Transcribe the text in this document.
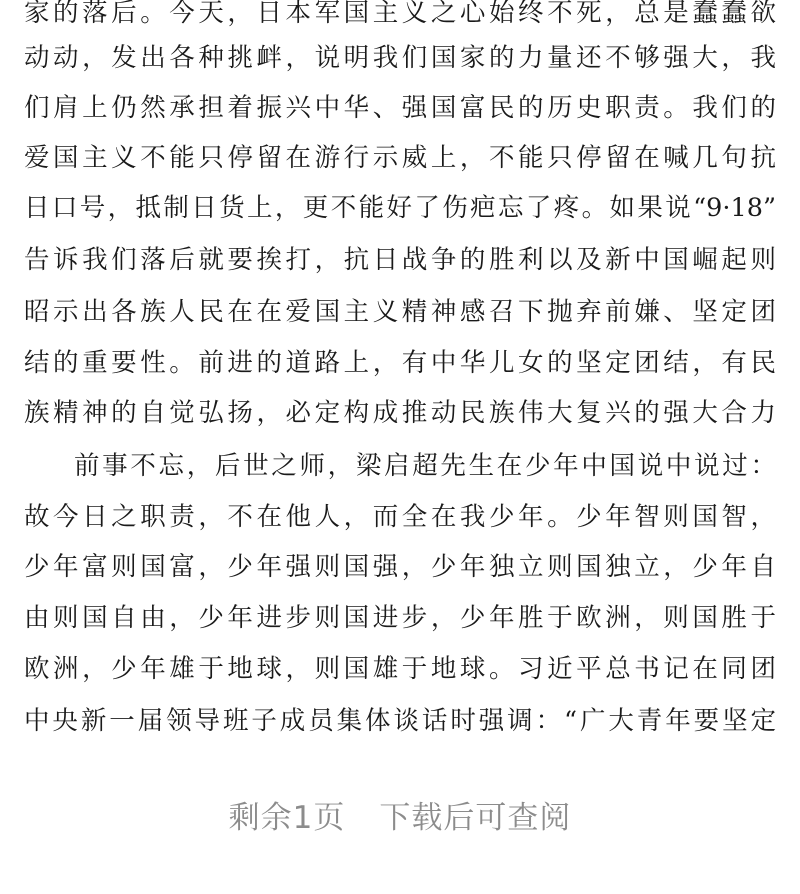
家的落后。今天，日本军国主义之心始终不死，总是蠢蠢欲
动动，发出各种挑衅，说明我们国家的力量还不够强大，我
们肩上仍然承担着振兴中华、强国富民的历史职责。我们的
爱国主义不能只停留在游行示威上，不能只停留在喊几句抗
日口号，抵制日货上，更不能好了伤疤忘了疼。如果说“9·18”
告诉我们落后就要挨打，抗日战争的胜利以及新中国崛起则
昭示出各族人民在在爱国主义精神感召下抛弃前嫌、坚定团
结的重要性。前进的道路上，有中华儿女的坚定团结，有民
族精神的自觉弘扬，必定构成推动民族伟大复兴的强大合力
前事不忘，后世之师，梁启超先生在少年中国说中说过：
故今日之职责，不在他人，而全在我少年。少年智则国智，
少年富则国富，少年强则国强，少年独立则国独立，少年自
由则国自由，少年进步则国进步，少年胜于欧洲，则国胜于
欧洲，少年雄于地球，则国雄于地球。习近平总书记在同团
中央新一届领导班子成员集体谈话时强调：“广大青年要坚定
剩余1页 下载后可查阅
